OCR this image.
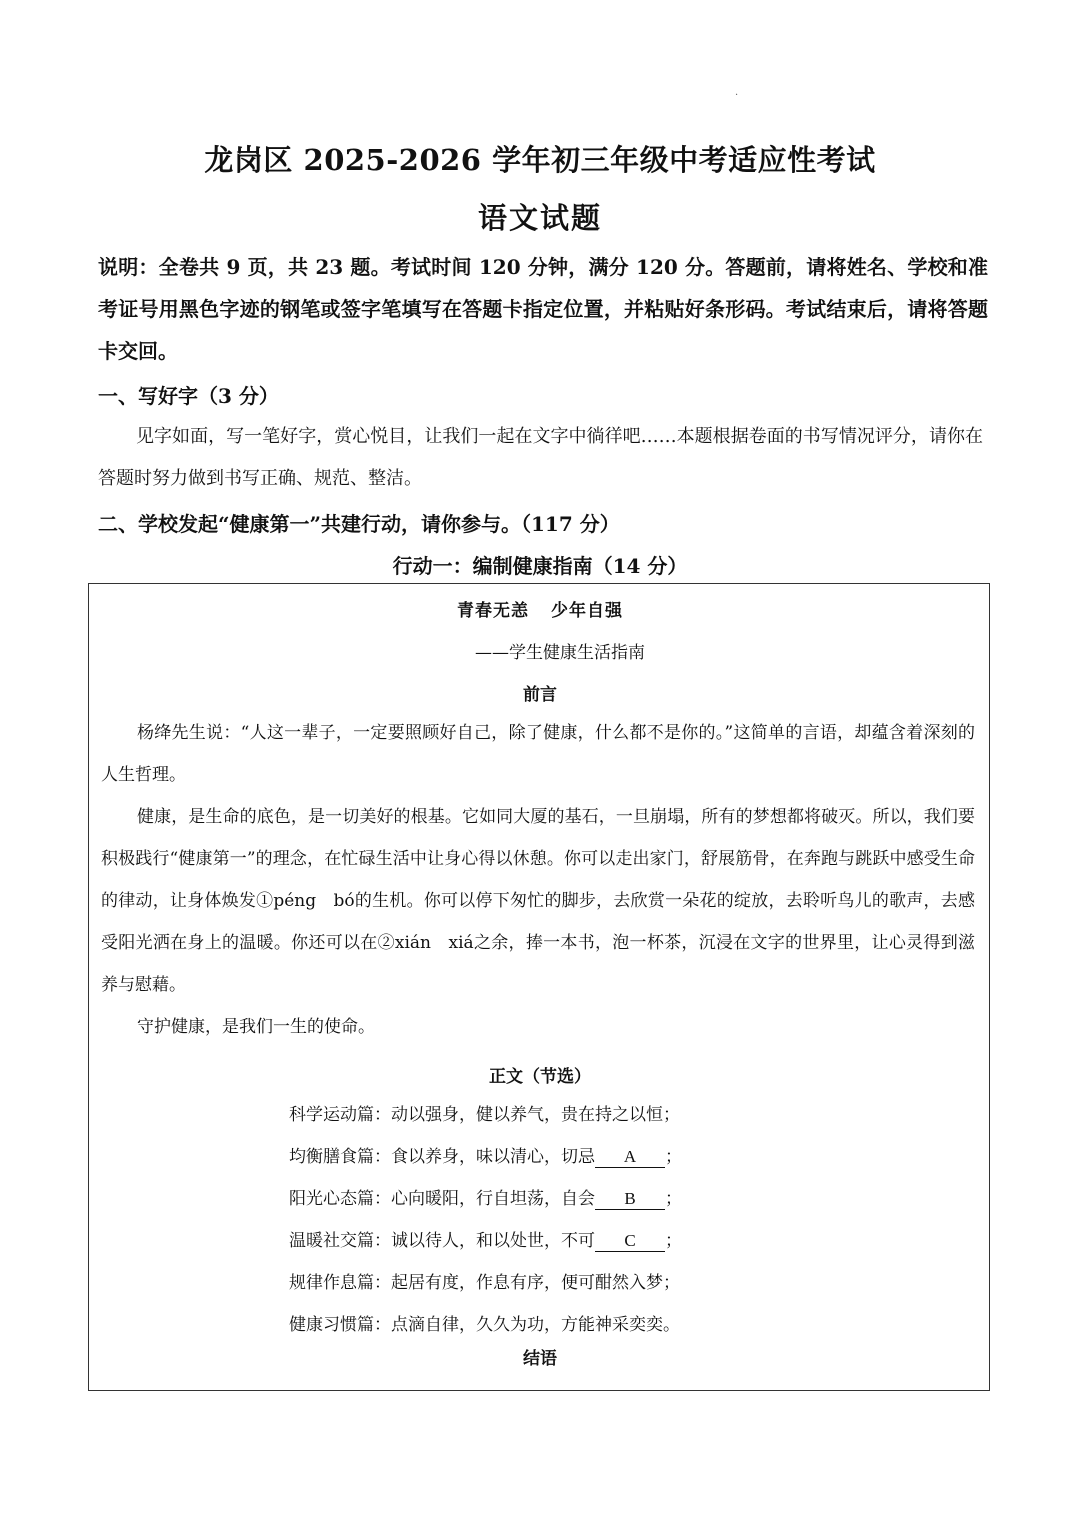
·
龙岗区 2025-2026 学年初三年级中考适应性考试
语文试题
说明：全卷共 9 页，共 23 题。考试时间 120 分钟，满分 120 分。答题前，请将姓名、学校和准考证号用黑色字迹的钢笔或签字笔填写在答题卡指定位置，并粘贴好条形码。考试结束后，请将答题卡交回。
一、写好字（3 分）
见字如面，写一笔好字，赏心悦目，让我们一起在文字中徜徉吧……本题根据卷面的书写情况评分，请你在答题时努力做到书写正确、规范、整洁。
二、学校发起“健康第一”共建行动，请你参与。（117 分）
行动一：编制健康指南（14 分）
青春无恙 少年自强
——学生健康生活指南
前言

杨绛先生说：“人这一辈子，一定要照顾好自己，除了健康，什么都不是你的。”这简单的言语，却蕴含着深刻的人生哲理。

健康，是生命的底色，是一切美好的根基。它如同大厦的基石，一旦崩塌，所有的梦想都将破灭。所以，我们要积极践行“健康第一”的理念，在忙碌生活中让身心得以休憩。你可以走出家门，舒展筋骨，在奔跑与跳跃中感受生命的律动，让身体焕发①péng　bó的生机。你可以停下匆忙的脚步，去欣赏一朵花的绽放，去聆听鸟儿的歌声，去感受阳光洒在身上的温暖。你还可以在②xián　xiá之余，捧一本书，泡一杯茶，沉浸在文字的世界里，让心灵得到滋养与慰藉。

守护健康，是我们一生的使命。

正文（节选）
科学运动篇：动以强身，健以养气，贵在持之以恒；
均衡膳食篇：食以养身，味以清心，切忌 A ；
阳光心态篇：心向暖阳，行自坦荡，自会 B ；
温暖社交篇：诚以待人，和以处世，不可 C ；
规律作息篇：起居有度，作息有序，便可酣然入梦；
健康习惯篇：点滴自律，久久为功，方能神采奕奕。
结语
